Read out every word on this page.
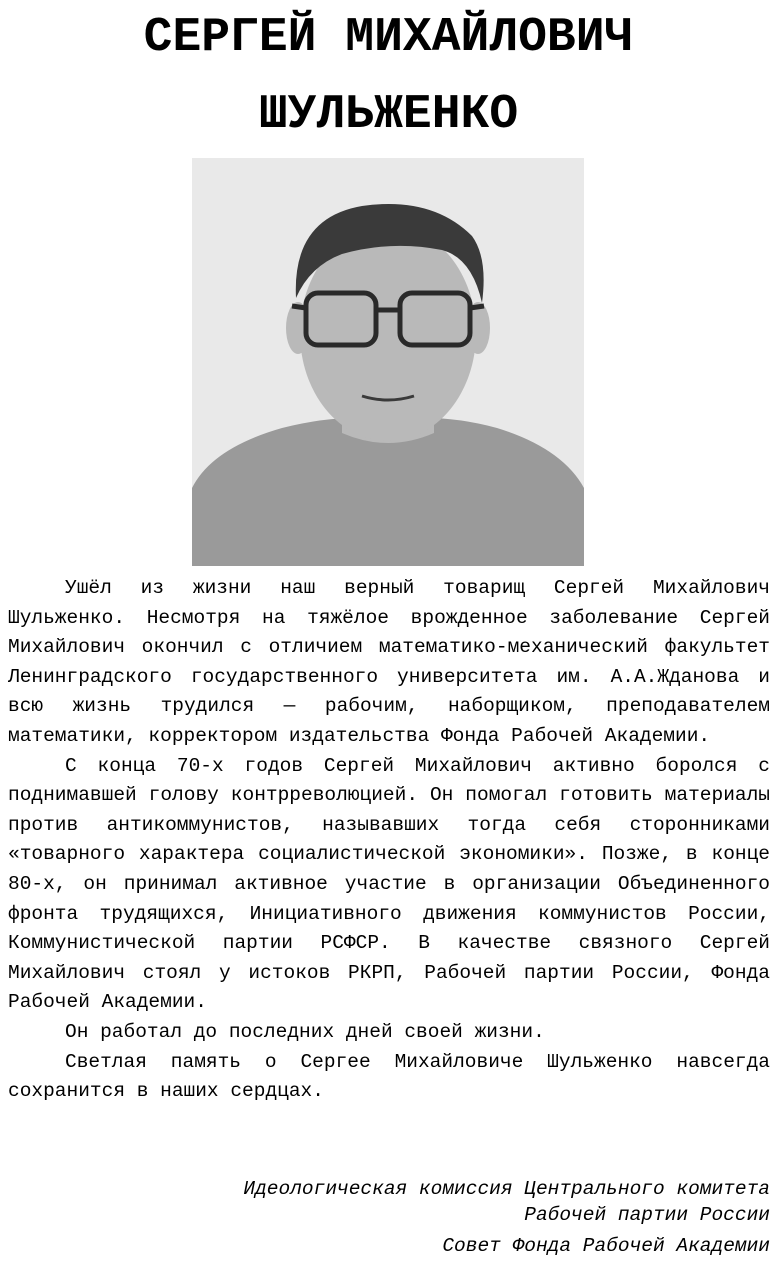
СЕРГЕЙ МИХАЙЛОВИЧ
ШУЛЬЖЕНКО

Ушёл из жизни наш верный товарищ Сергей Михайлович Шульженко. Несмотря на тяжёлое врожденное заболевание Сергей Михайлович окончил с отличием математико-механический факультет Ленинградского государственного университета им. А.А.Жданова и всю жизнь трудился — рабочим, наборщиком, преподавателем математики, корректором издательства Фонда Рабочей Академии.

С конца 70-х годов Сергей Михайлович активно боролся с поднимавшей голову контрреволюцией. Он помогал готовить материалы против антикоммунистов, называвших тогда себя сторонниками «товарного характера социалистической экономики». Позже, в конце 80-х, он принимал активное участие в организации Объединенного фронта трудящихся, Инициативного движения коммунистов России, Коммунистической партии РСФСР. В качестве связного Сергей Михайлович стоял у истоков РКРП, Рабочей партии России, Фонда Рабочей Академии.

Он работал до последних дней своей жизни.

Светлая память о Сергее Михайловиче Шульженко навсегда сохранится в наших сердцах.

Идеологическая комиссия Центрального комитета

Рабочей партии России

Совет Фонда Рабочей Академии
